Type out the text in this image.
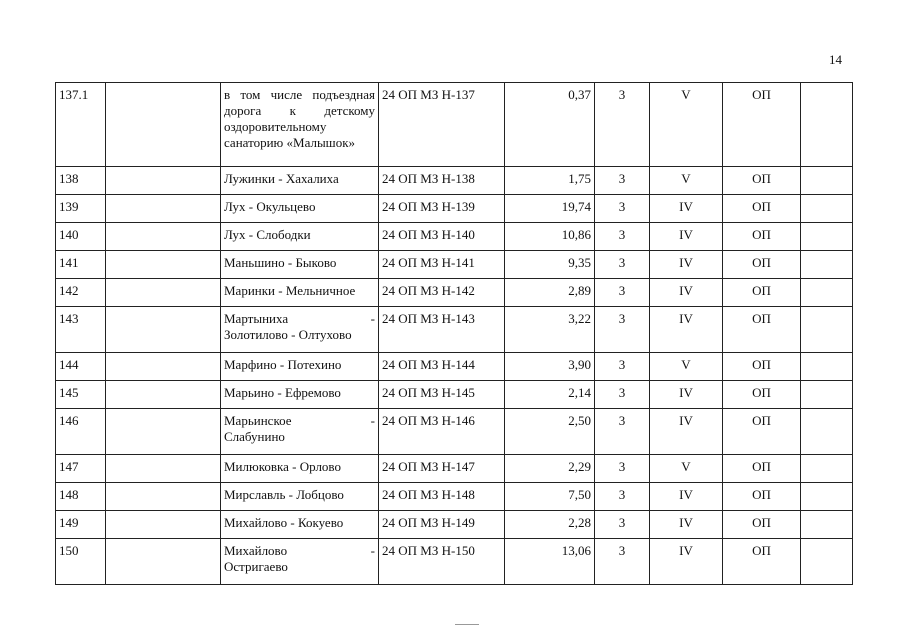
14
137.1		в том числе подъездная
дорога к детскому
оздоровительному
санаторию «Малышок»	24 ОП МЗ Н-137	0,37	3	V	ОП	
138		Лужинки - Хахалиха	24 ОП МЗ Н-138	1,75	3	V	ОП	
139		Лух - Окульцево	24 ОП МЗ Н-139	19,74	3	IV	ОП	
140		Лух - Слободки	24 ОП МЗ Н-140	10,86	3	IV	ОП	
141		Маньшино - Быково	24 ОП МЗ Н-141	9,35	3	IV	ОП	
142		Маринки - Мельничное	24 ОП МЗ Н-142	2,89	3	IV	ОП	
143		Мартыниха -
Золотилово - Олтухово	24 ОП МЗ Н-143	3,22	3	IV	ОП	
144		Марфино - Потехино	24 ОП МЗ Н-144	3,90	3	V	ОП	
145		Марьино - Ефремово	24 ОП МЗ Н-145	2,14	3	IV	ОП	
146		Марьинское -
Слабунино	24 ОП МЗ Н-146	2,50	3	IV	ОП	
147		Милюковка - Орлово	24 ОП МЗ Н-147	2,29	3	V	ОП	
148		Мирславль - Лобцово	24 ОП МЗ Н-148	7,50	3	IV	ОП	
149		Михайлово - Кокуево	24 ОП МЗ Н-149	2,28	3	IV	ОП	
150		Михайлово -
Остригаево	24 ОП МЗ Н-150	13,06	3	IV	ОП	
